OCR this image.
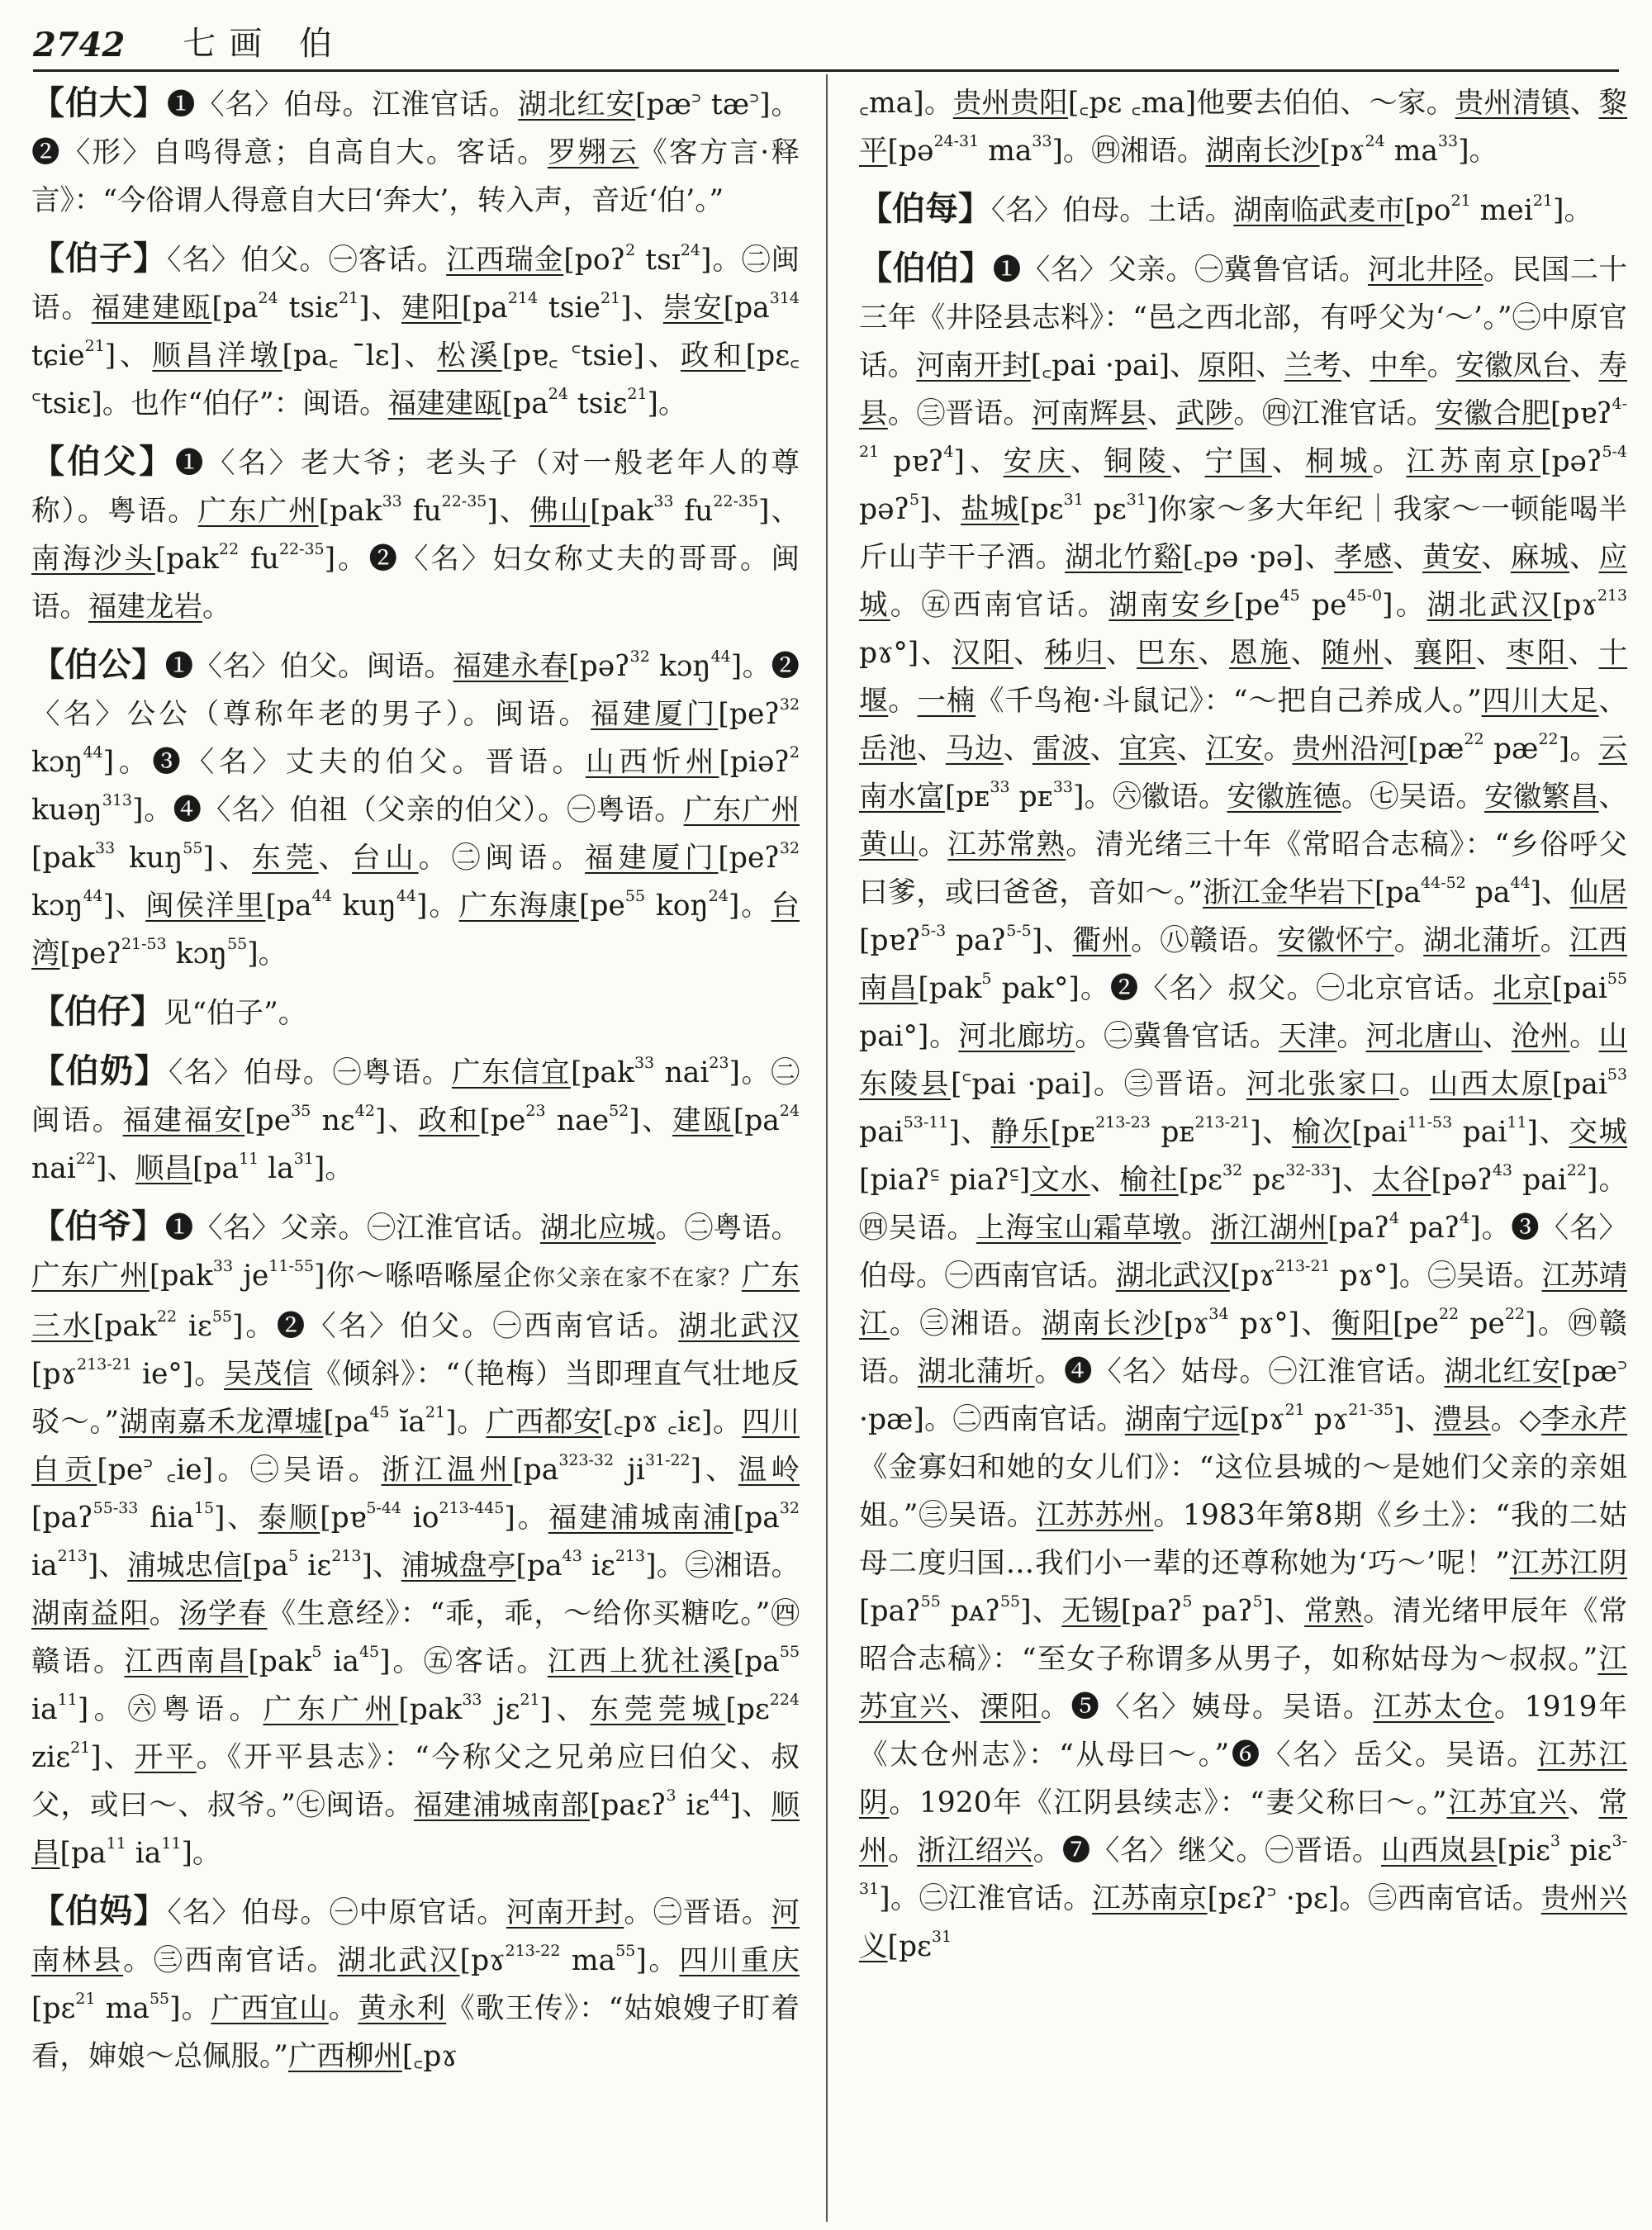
2742 七画 伯

【伯大】❶〈名〉伯母。江淮官话。湖北红安[pæ꜄ tæ꜄]。❷〈形〉自鸣得意；自高自大。客话。罗翙云《客方言·释言》：“今俗谓人得意自大曰‘奔大’，转入声，音近‘伯’。”

【伯子】〈名〉伯父。㊀客话。江西瑞金[poʔ$^2$ tsɪ$^{24}$]。㊁闽语。福建建瓯[$pa^{24}$ tsiɛ$^{21}$]、建阳[$pa^{214}$ tsie$^{21}$]、崇安[$pa^{314}$ tɕie$^{21}$]、顺昌洋墩[pa꜀ ˉlɛ]、松溪[pɐ꜀ ꜂tsie]、政和[pɛ꜀ ꜂tsiɛ]。也作“伯仔”：闽语。福建建瓯[$pa^{24}$ tsiɛ$^{21}$]。

【伯父】❶〈名〉老大爷；老头子（对一般老年人的尊称）。粤语。广东广州[pak$^{33}$ $fu^{22-35}$]、佛山[pak$^{33}$ $fu^{22-35}$]、南海沙头[pak$^{22}$ $fu^{22-35}$]。❷〈名〉妇女称丈夫的哥哥。闽语。福建龙岩。

【伯公】❶〈名〉伯父。闽语。福建永春[pəʔ$^{32}$ kɔŋ$^{44}$]。❷〈名〉公公（尊称年老的男子）。闽语。福建厦门[peʔ$^{32}$ kɔŋ$^{44}$]。❸〈名〉丈夫的伯父。晋语。山西忻州[piəʔ$^2$ kuəŋ$^{313}$]。❹〈名〉伯祖（父亲的伯父）。㊀粤语。广东广州[pak$^{33}$ kuŋ$^{55}$]、东莞、台山。㊁闽语。福建厦门[peʔ$^{32}$ kɔŋ$^{44}$]、闽侯洋里[$pa^{44}$ kuŋ$^{44}$]。广东海康[$pe^{55}$ koŋ$^{24}$]。台湾[peʔ$^{21-53}$ kɔŋ$^{55}$]。

【伯仔】见“伯子”。

【伯奶】〈名〉伯母。㊀粤语。广东信宜[pak$^{33}$ nai$^{23}$]。㊁闽语。福建福安[$pe^{35}$ nɛ$^{42}$]、政和[$pe^{23}$ nae$^{52}$]、建瓯[$pa^{24}$ nai$^{22}$]、顺昌[$pa^{11}$ $la^{31}$]。

【伯爷】❶〈名〉父亲。㊀江淮官话。湖北应城。㊁粤语。广东广州[pak$^{33}$ $je^{11-55}$]你～喺唔喺屋企你父亲在家不在家？广东三水[pak$^{22}$ iɛ$^{55}$]。❷〈名〉伯父。㊀西南官话。湖北武汉[pɤ$^{213-21}$ ie°]。吴茂信《倾斜》：“（艳梅）当即理直气壮地反驳～。”湖南嘉禾龙潭墟[$pa^{45}$ $ĭa^{21}$]。广西都安[꜀pɤ ꜀iɛ]。四川自贡[pe꜄ ꜀ie]。㊁吴语。浙江温州[$pa^{323-32}$ $ji^{31-22}$]、温岭[paʔ$^{55-33}$ ɦia$^{15}$]、泰顺[pɐ$^{5-44}$ $io^{213-445}$]。福建浦城南浦[$pa^{32}$ $ia^{213}$]、浦城忠信[$pa^5$ iɛ$^{213}$]、浦城盘亭[$pa^{43}$ iɛ$^{213}$]。㊂湘语。湖南益阳。汤学春《生意经》：“乖，乖，～给你买糖吃。”㊃赣语。江西南昌[pak$^5$ $ia^{45}$]。㊄客话。江西上犹社溪[$pa^{55}$ $ia^{11}$]。㊅粤语。广东广州[pak$^{33}$ jɛ$^{21}$]、东莞莞城[pɛ$^{224}$ ziɛ$^{21}$]、开平。《开平县志》：“今称父之兄弟应曰伯父、叔父，或曰～、叔爷。”㊆闽语。福建浦城南部[paɛʔ$^3$ iɛ$^{44}$]、顺昌[$pa^{11}$ $ia^{11}$]。

【伯妈】〈名〉伯母。㊀中原官话。河南开封。㊁晋语。河南林县。㊂西南官话。湖北武汉[pɤ$^{213-22}$ $ma^{55}$]。四川重庆[pɛ$^{21}$ $ma^{55}$]。广西宜山。黄永利《歌王传》：“姑娘嫂子盯着看，婶娘～总佩服。”广西柳州[꜀pɤ

꜀ma]。贵州贵阳[꜀pɛ ꜀ma]他要去伯伯、～家。贵州清镇、黎平[pə$^{24-31}$ $ma^{33}$]。㊃湘语。湖南长沙[pɤ$^{24}$ $ma^{33}$]。

【伯每】〈名〉伯母。土话。湖南临武麦市[$po^{21}$ mei$^{21}$]。

【伯伯】❶〈名〉父亲。㊀冀鲁官话。河北井陉。民国二十三年《井陉县志料》：“邑之西北部，有呼父为‘～’。”㊁中原官话。河南开封[꜀pai ·pai]、原阳、兰考、中牟。安徽凤台、寿县。㊂晋语。河南辉县、武陟。㊃江淮官话。安徽合肥[pɐʔ$^{4-21}$ pɐʔ$^4$]、安庆、铜陵、宁国、桐城。江苏南京[pəʔ$^{5-4}$ pəʔ$^5$]、盐城[pɛ$^{31}$ pɛ$^{31}$]你家～多大年纪｜我家～一顿能喝半斤山芋干子酒。湖北竹谿[꜀pə ·pə]、孝感、黄安、麻城、应城。㊄西南官话。湖南安乡[$pe^{45}$ $pe^{45-0}$]。湖北武汉[pɤ$^{213}$ pɤ°]、汉阳、秭归、巴东、恩施、随州、襄阳、枣阳、十堰。一楠《千鸟袍·斗鼠记》：“～把自己养成人。”四川大足、岳池、马边、雷波、宜宾、江安。贵州沿河[$pæ^{22}$ $pæ^{22}$]。云南水富[pᴇ$^{33}$ pᴇ$^{33}$]。㊅徽语。安徽旌德。㊆吴语。安徽繁昌、黄山。江苏常熟。清光绪三十年《常昭合志稿》：“乡俗呼父曰爹，或曰爸爸，音如～。”浙江金华岩下[$pa^{44-52}$ $pa^{44}$]、仙居[pɐʔ$^{5-3}$ paʔ$^{5-5}$]、衢州。㊇赣语。安徽怀宁。湖北蒲圻。江西南昌[pak$^5$ pak°]。❷〈名〉叔父。㊀北京官话。北京[pai$^{55}$ pai°]。河北廊坊。㊁冀鲁官话。天津。河北唐山、沧州。山东陵县[꜂pai ·pai]。㊂晋语。河北张家口。山西太原[pai$^{53}$ pai$^{53-11}$]、静乐[pᴇ$^{213-23}$ pᴇ$^{213-21}$]、榆次[pai$^{11-53}$ pai$^{11}$]、交城[piaʔ꜃ piaʔ꜃]文水、榆社[pɛ$^{32}$ pɛ$^{32-33}$]、太谷[pəʔ$^{43}$ pai$^{22}$]。㊃吴语。上海宝山霜草墩。浙江湖州[paʔ$^4$ paʔ$^4$]。❸〈名〉伯母。㊀西南官话。湖北武汉[pɤ$^{213-21}$ pɤ°]。㊁吴语。江苏靖江。㊂湘语。湖南长沙[pɤ$^{34}$ pɤ°]、衡阳[$pe^{22}$ $pe^{22}$]。㊃赣语。湖北蒲圻。❹〈名〉姑母。㊀江淮官话。湖北红安[pæ꜄ ·pæ]。㊁西南官话。湖南宁远[pɤ$^{21}$ pɤ$^{21-35}$]、澧县。◇李永芹《金寡妇和她的女儿们》：“这位县城的～是她们父亲的亲姐姐。”㊂吴语。江苏苏州。1983年第8期《乡土》：“我的二姑母二度归国…我们小一辈的还尊称她为‘巧～’呢！”江苏江阴[paʔ$^{55}$ pᴀʔ$^{55}$]、无锡[paʔ$^5$ paʔ$^5$]、常熟。清光绪甲辰年《常昭合志稿》：“至女子称谓多从男子，如称姑母为～叔叔。”江苏宜兴、溧阳。❺〈名〉姨母。吴语。江苏太仓。1919年《太仓州志》：“从母曰～。”❻〈名〉岳父。吴语。江苏江阴。1920年《江阴县续志》：“妻父称曰～。”江苏宜兴、常州。浙江绍兴。❼〈名〉继父。㊀晋语。山西岚县[piɛ$^3$ piɛ$^{3-31}$]。㊁江淮官话。江苏南京[pɛʔ꜄ ·pɛ]。㊂西南官话。贵州兴义[pɛ$^{31}$
